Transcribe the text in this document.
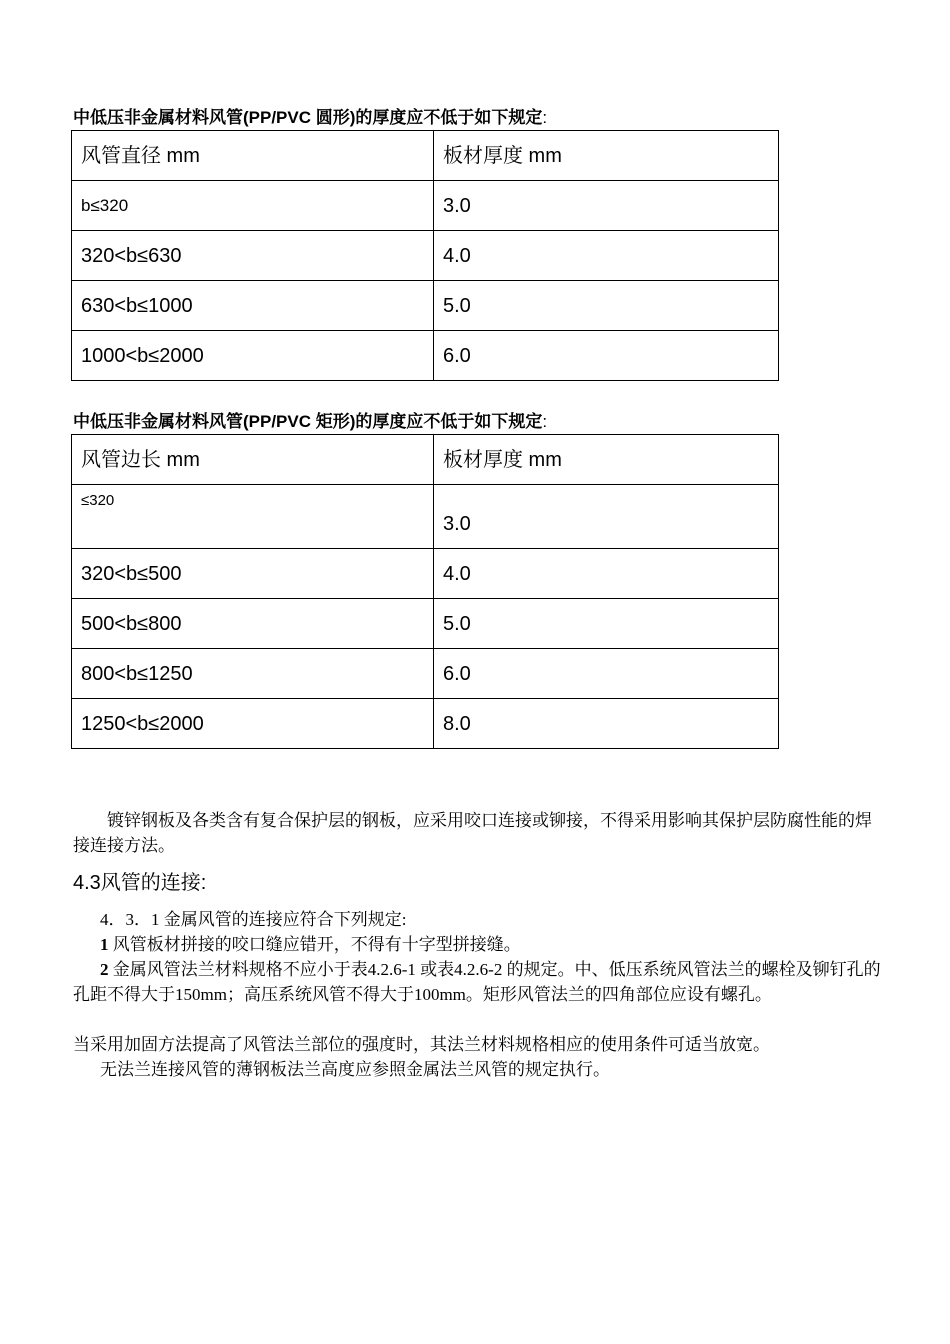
中低压非金属材料风管(PP/PVC 圆形)的厚度应不低于如下规定:
风管直径 mm	板材厚度 mm
b≤320	3.0
320<b≤630	4.0
630<b≤1000	5.0
1000<b≤2000	6.0
中低压非金属材料风管(PP/PVC 矩形)的厚度应不低于如下规定:
风管边长 mm	板材厚度 mm
≤320	3.0
320<b≤500	4.0
500<b≤800	5.0
800<b≤1250	6.0
1250<b≤2000	8.0
镀锌钢板及各类含有复合保护层的钢板，应采用咬口连接或铆接，不得采用影响其保护层防腐性能的焊接连接方法。
4.3风管的连接:
4．3．1 金属风管的连接应符合下列规定:
1 风管板材拼接的咬口缝应错开，不得有十字型拼接缝。
2 金属风管法兰材料规格不应小于表4.2.6-1 或表4.2.6-2 的规定。中、低压系统风管法兰的螺栓及铆钉孔的孔距不得大于150mm；高压系统风管不得大于100mm。矩形风管法兰的四角部位应设有螺孔。
当采用加固方法提高了风管法兰部位的强度时，其法兰材料规格相应的使用条件可适当放宽。
无法兰连接风管的薄钢板法兰高度应参照金属法兰风管的规定执行。
